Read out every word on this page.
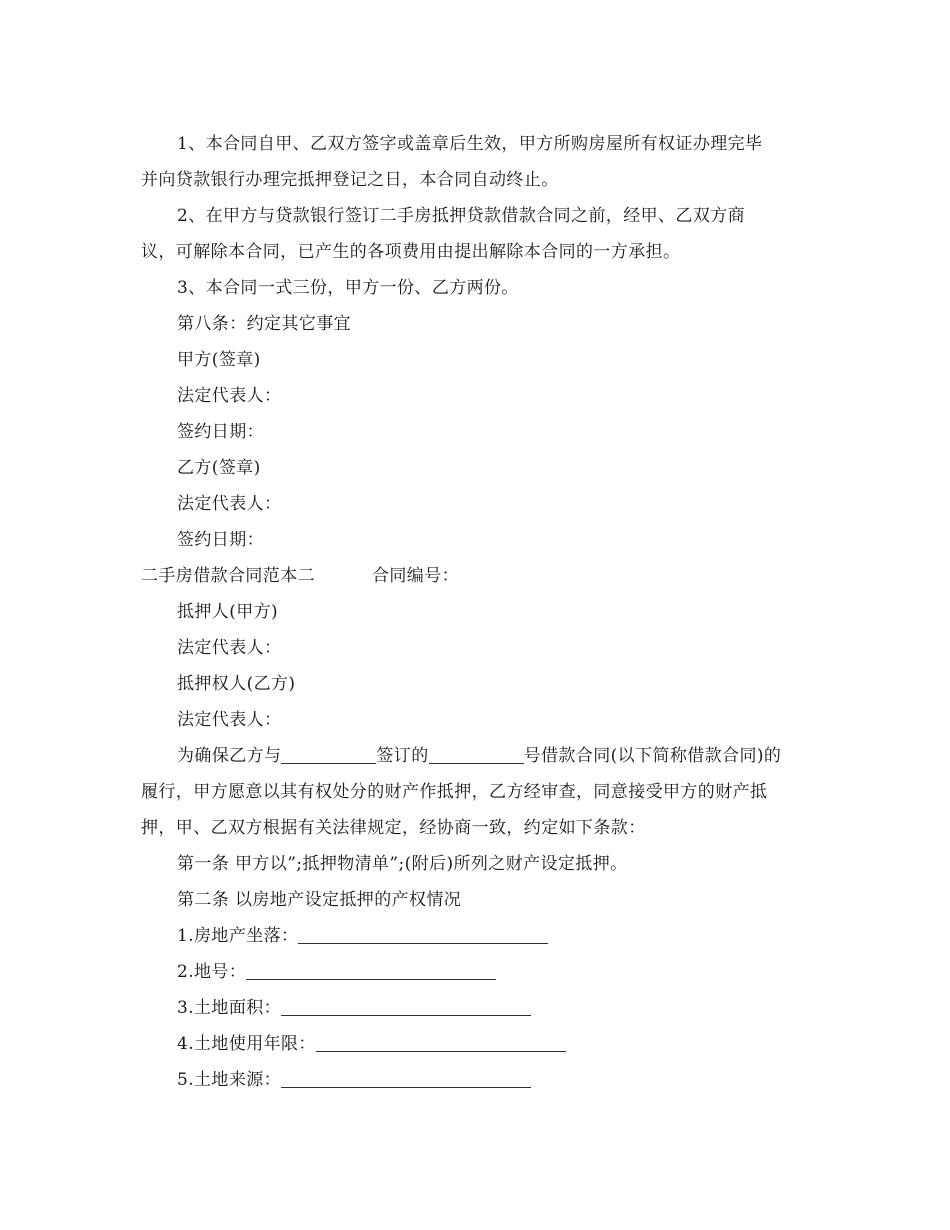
1、本合同自甲、乙双方签字或盖章后生效，甲方所购房屋所有权证办理完毕
并向贷款银行办理完抵押登记之日，本合同自动终止。
2、在甲方与贷款银行签订二手房抵押贷款借款合同之前，经甲、乙双方商
议，可解除本合同，已产生的各项费用由提出解除本合同的一方承担。
3、本合同一式三份，甲方一份、乙方两份。
第八条：约定其它事宜
甲方(签章)
法定代表人：
签约日期：
乙方(签章)
法定代表人：
签约日期：
二手房借款合同范本二	合同编号：
抵押人(甲方)
法定代表人：
抵押权人(乙方)
法定代表人：
为确保乙方与	签订的	号借款合同(以下简称借款合同)的
履行，甲方愿意以其有权处分的财产作抵押，乙方经审查，同意接受甲方的财产抵
押，甲、乙双方根据有关法律规定，经协商一致，约定如下条款：
第一条 甲方以”;抵押物清单”;(附后)所列之财产设定抵押。
第二条 以房地产设定抵押的产权情况
1.房地产坐落：
2.地号：
3.土地面积：
4.土地使用年限：
5.土地来源：
